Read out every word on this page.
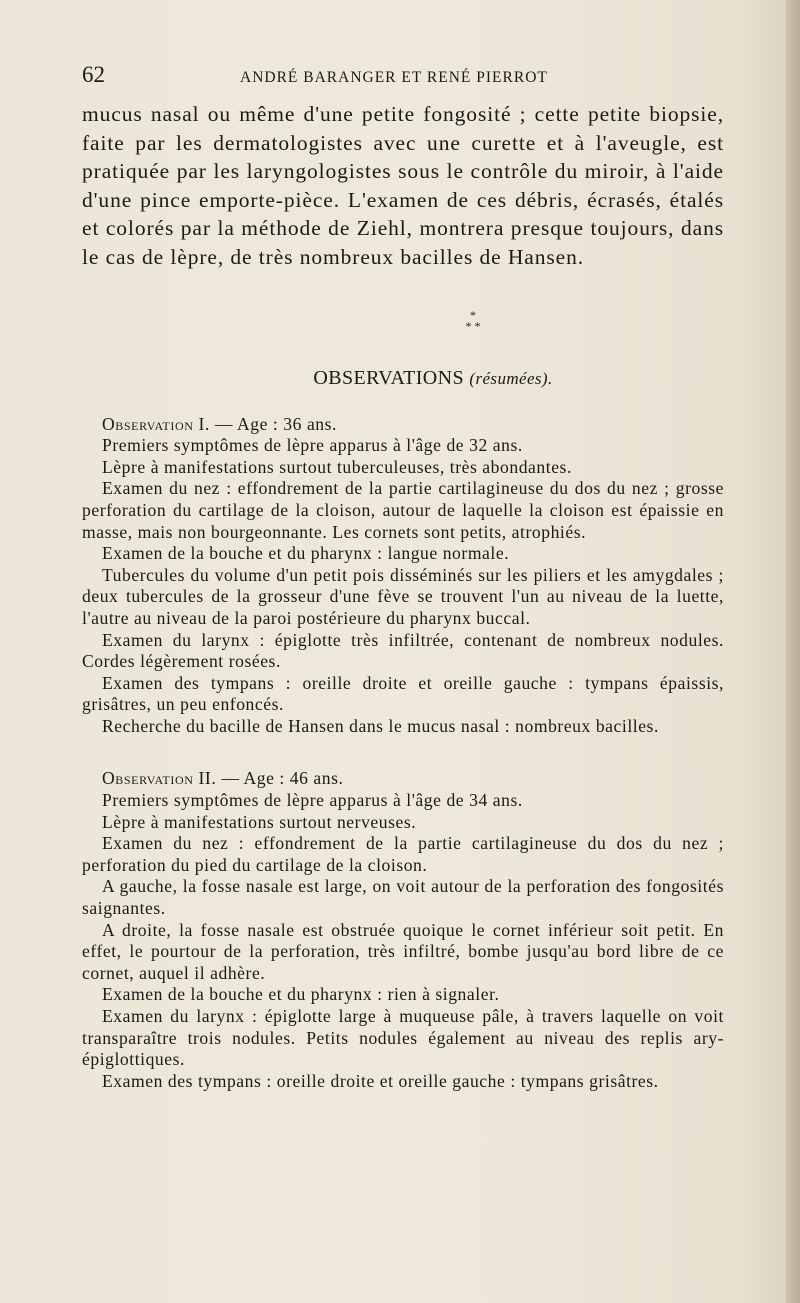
62	ANDRÉ BARANGER ET RENÉ PIERROT

mucus nasal ou même d'une petite fongosité ; cette petite biopsie, faite par les dermatologistes avec une curette et à l'aveugle, est pratiquée par les laryngologistes sous le contrôle du miroir, à l'aide d'une pince emporte-pièce. L'examen de ces débris, écrasés, étalés et colorés par la méthode de Ziehl, montrera presque toujours, dans le cas de lèpre, de très nombreux bacilles de Hansen.

*
* *
OBSERVATIONS (résumées).

Observation I. — Age : 36 ans.

Premiers symptômes de lèpre apparus à l'âge de 32 ans.

Lèpre à manifestations surtout tuberculeuses, très abondantes.

Examen du nez : effondrement de la partie cartilagineuse du dos du nez ; grosse perforation du cartilage de la cloison, autour de laquelle la cloison est épaissie en masse, mais non bourgeonnante. Les cornets sont petits, atrophiés.

Examen de la bouche et du pharynx : langue normale.

Tubercules du volume d'un petit pois disséminés sur les piliers et les amygdales ; deux tubercules de la grosseur d'une fève se trouvent l'un au niveau de la luette, l'autre au niveau de la paroi postérieure du pharynx buccal.

Examen du larynx : épiglotte très infiltrée, contenant de nombreux nodules. Cordes légèrement rosées.

Examen des tympans : oreille droite et oreille gauche : tympans épaissis, grisâtres, un peu enfoncés.

Recherche du bacille de Hansen dans le mucus nasal : nombreux bacilles.

Observation II. — Age : 46 ans.

Premiers symptômes de lèpre apparus à l'âge de 34 ans.

Lèpre à manifestations surtout nerveuses.

Examen du nez : effondrement de la partie cartilagineuse du dos du nez ; perforation du pied du cartilage de la cloison.

A gauche, la fosse nasale est large, on voit autour de la perforation des fongosités saignantes.

A droite, la fosse nasale est obstruée quoique le cornet inférieur soit petit. En effet, le pourtour de la perforation, très infiltré, bombe jusqu'au bord libre de ce cornet, auquel il adhère.

Examen de la bouche et du pharynx : rien à signaler.

Examen du larynx : épiglotte large à muqueuse pâle, à travers laquelle on voit transparaître trois nodules. Petits nodules également au niveau des replis ary-épiglottiques.

Examen des tympans : oreille droite et oreille gauche : tympans grisâtres.
